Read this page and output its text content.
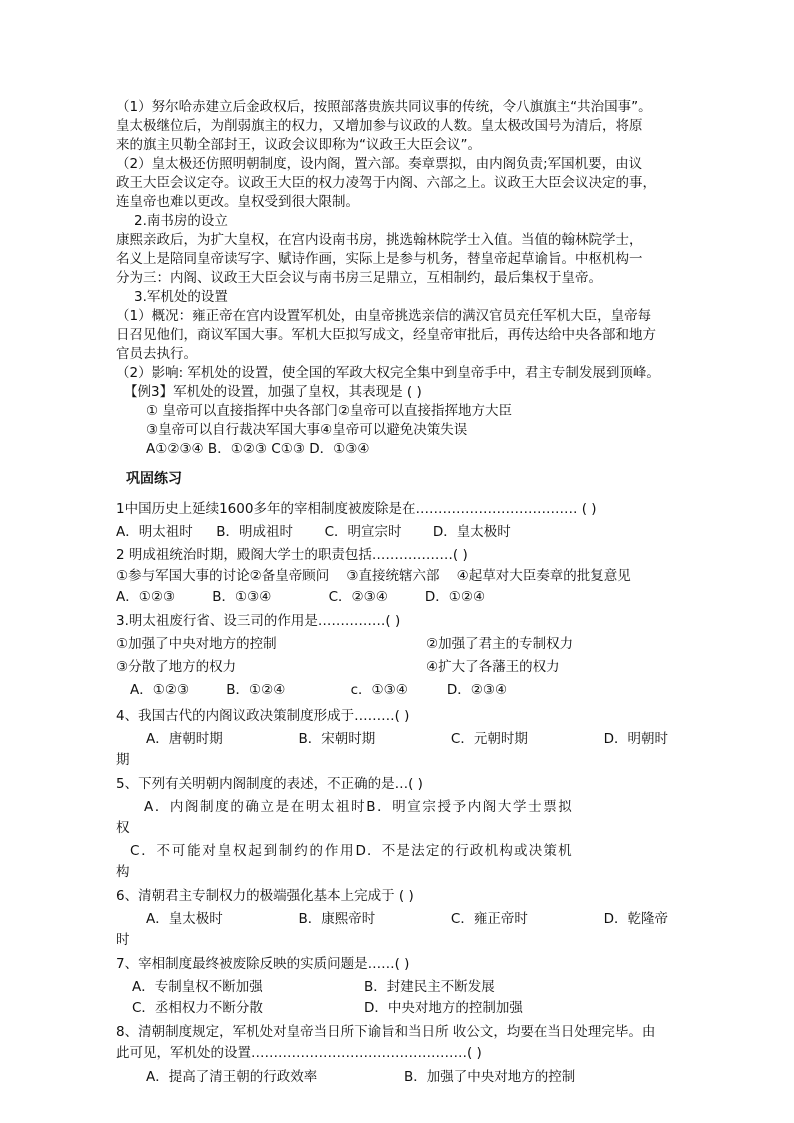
（1）努尔哈赤建立后金政权后，按照部落贵族共同议事的传统，令八旗旗主“共治国事”。
皇太极继位后，为削弱旗主的权力，又增加参与议政的人数。皇太极改国号为清后，将原
来的旗主贝勒全部封王，议政会议即称为“议政王大臣会议”。
（2）皇太极还仿照明朝制度，设内阁，置六部。奏章票拟，由内阁负责;军国机要，由议
政王大臣会议定夺。议政王大臣的权力凌驾于内阁、六部之上。议政王大臣会议决定的事，
连皇帝也难以更改。皇权受到很大限制。
2.南书房的设立
康熙亲政后，为扩大皇权，在宫内设南书房，挑选翰林院学士入值。当值的翰林院学士，
名义上是陪同皇帝读写字、赋诗作画，实际上是参与机务，替皇帝起草谕旨。中枢机构一
分为三：内阁、议政王大臣会议与南书房三足鼎立，互相制约，最后集权于皇帝。
3.军机处的设置
（1）概况：雍正帝在宫内设置军机处，由皇帝挑选亲信的满汉官员充任军机大臣，皇帝每
日召见他们，商议军国大事。军机大臣拟写成文，经皇帝审批后，再传达给中央各部和地方
官员去执行。
（2）影响: 军机处的设置，使全国的军政大权完全集中到皇帝手中，君主专制发展到顶峰。
【例3】军机处的设置，加强了皇权，其表现是 ( )
① 皇帝可以直接指挥中央各部门②皇帝可以直接指挥地方大臣
③皇帝可以自行裁决军国大事④皇帝可以避免决策失误
A①②③④ B．①②③ C①③ D．①③④
巩固练习
1中国历史上延续1600多年的宰相制度被废除是在……………………………… ( )
A．明太祖时 B．明成祖时 C．明宣宗时 D．皇太极时
2 明成祖统治时期，殿阁大学士的职责包括………………( )
①参与军国大事的讨论②备皇帝顾问 ③直接统辖六部 ④起草对大臣奏章的批复意见
A．①②③	B．①③④	C．②③④	D．①②④
3.明太祖废行省、设三司的作用是……………( )
①加强了中央对地方的控制	②加强了君主的专制权力
③分散了地方的权力	④扩大了各藩王的权力
A．①②③	B．①②④	c．①③④	D．②③④
4、我国古代的内阁议政决策制度形成于………( )
A．唐朝时期	B．宋朝时期	C．元朝时期	D．明朝时
期
5、下列有关明朝内阁制度的表述，不正确的是…( )
A．内阁制度的确立是在明太祖时 B．明宣宗授予内阁大学士票拟
权
C．不可能对皇权起到制约的作用 D．不是法定的行政机构或决策机
构
6、清朝君主专制权力的极端强化基本上完成于 ( )
A．皇太极时	B．康熙帝时	C．雍正帝时	D．乾隆帝
时
7、宰相制度最终被废除反映的实质问题是……( )
A．专制皇权不断加强	B．封建民主不断发展
C．丞相权力不断分散	D．中央对地方的控制加强
8、清朝制度规定，军机处对皇帝当日所下谕旨和当日所 收公文，均要在当日处理完毕。由
此可见，军机处的设置…………………………………………( )
A．提高了清王朝的行政效率	B．加强了中央对地方的控制
